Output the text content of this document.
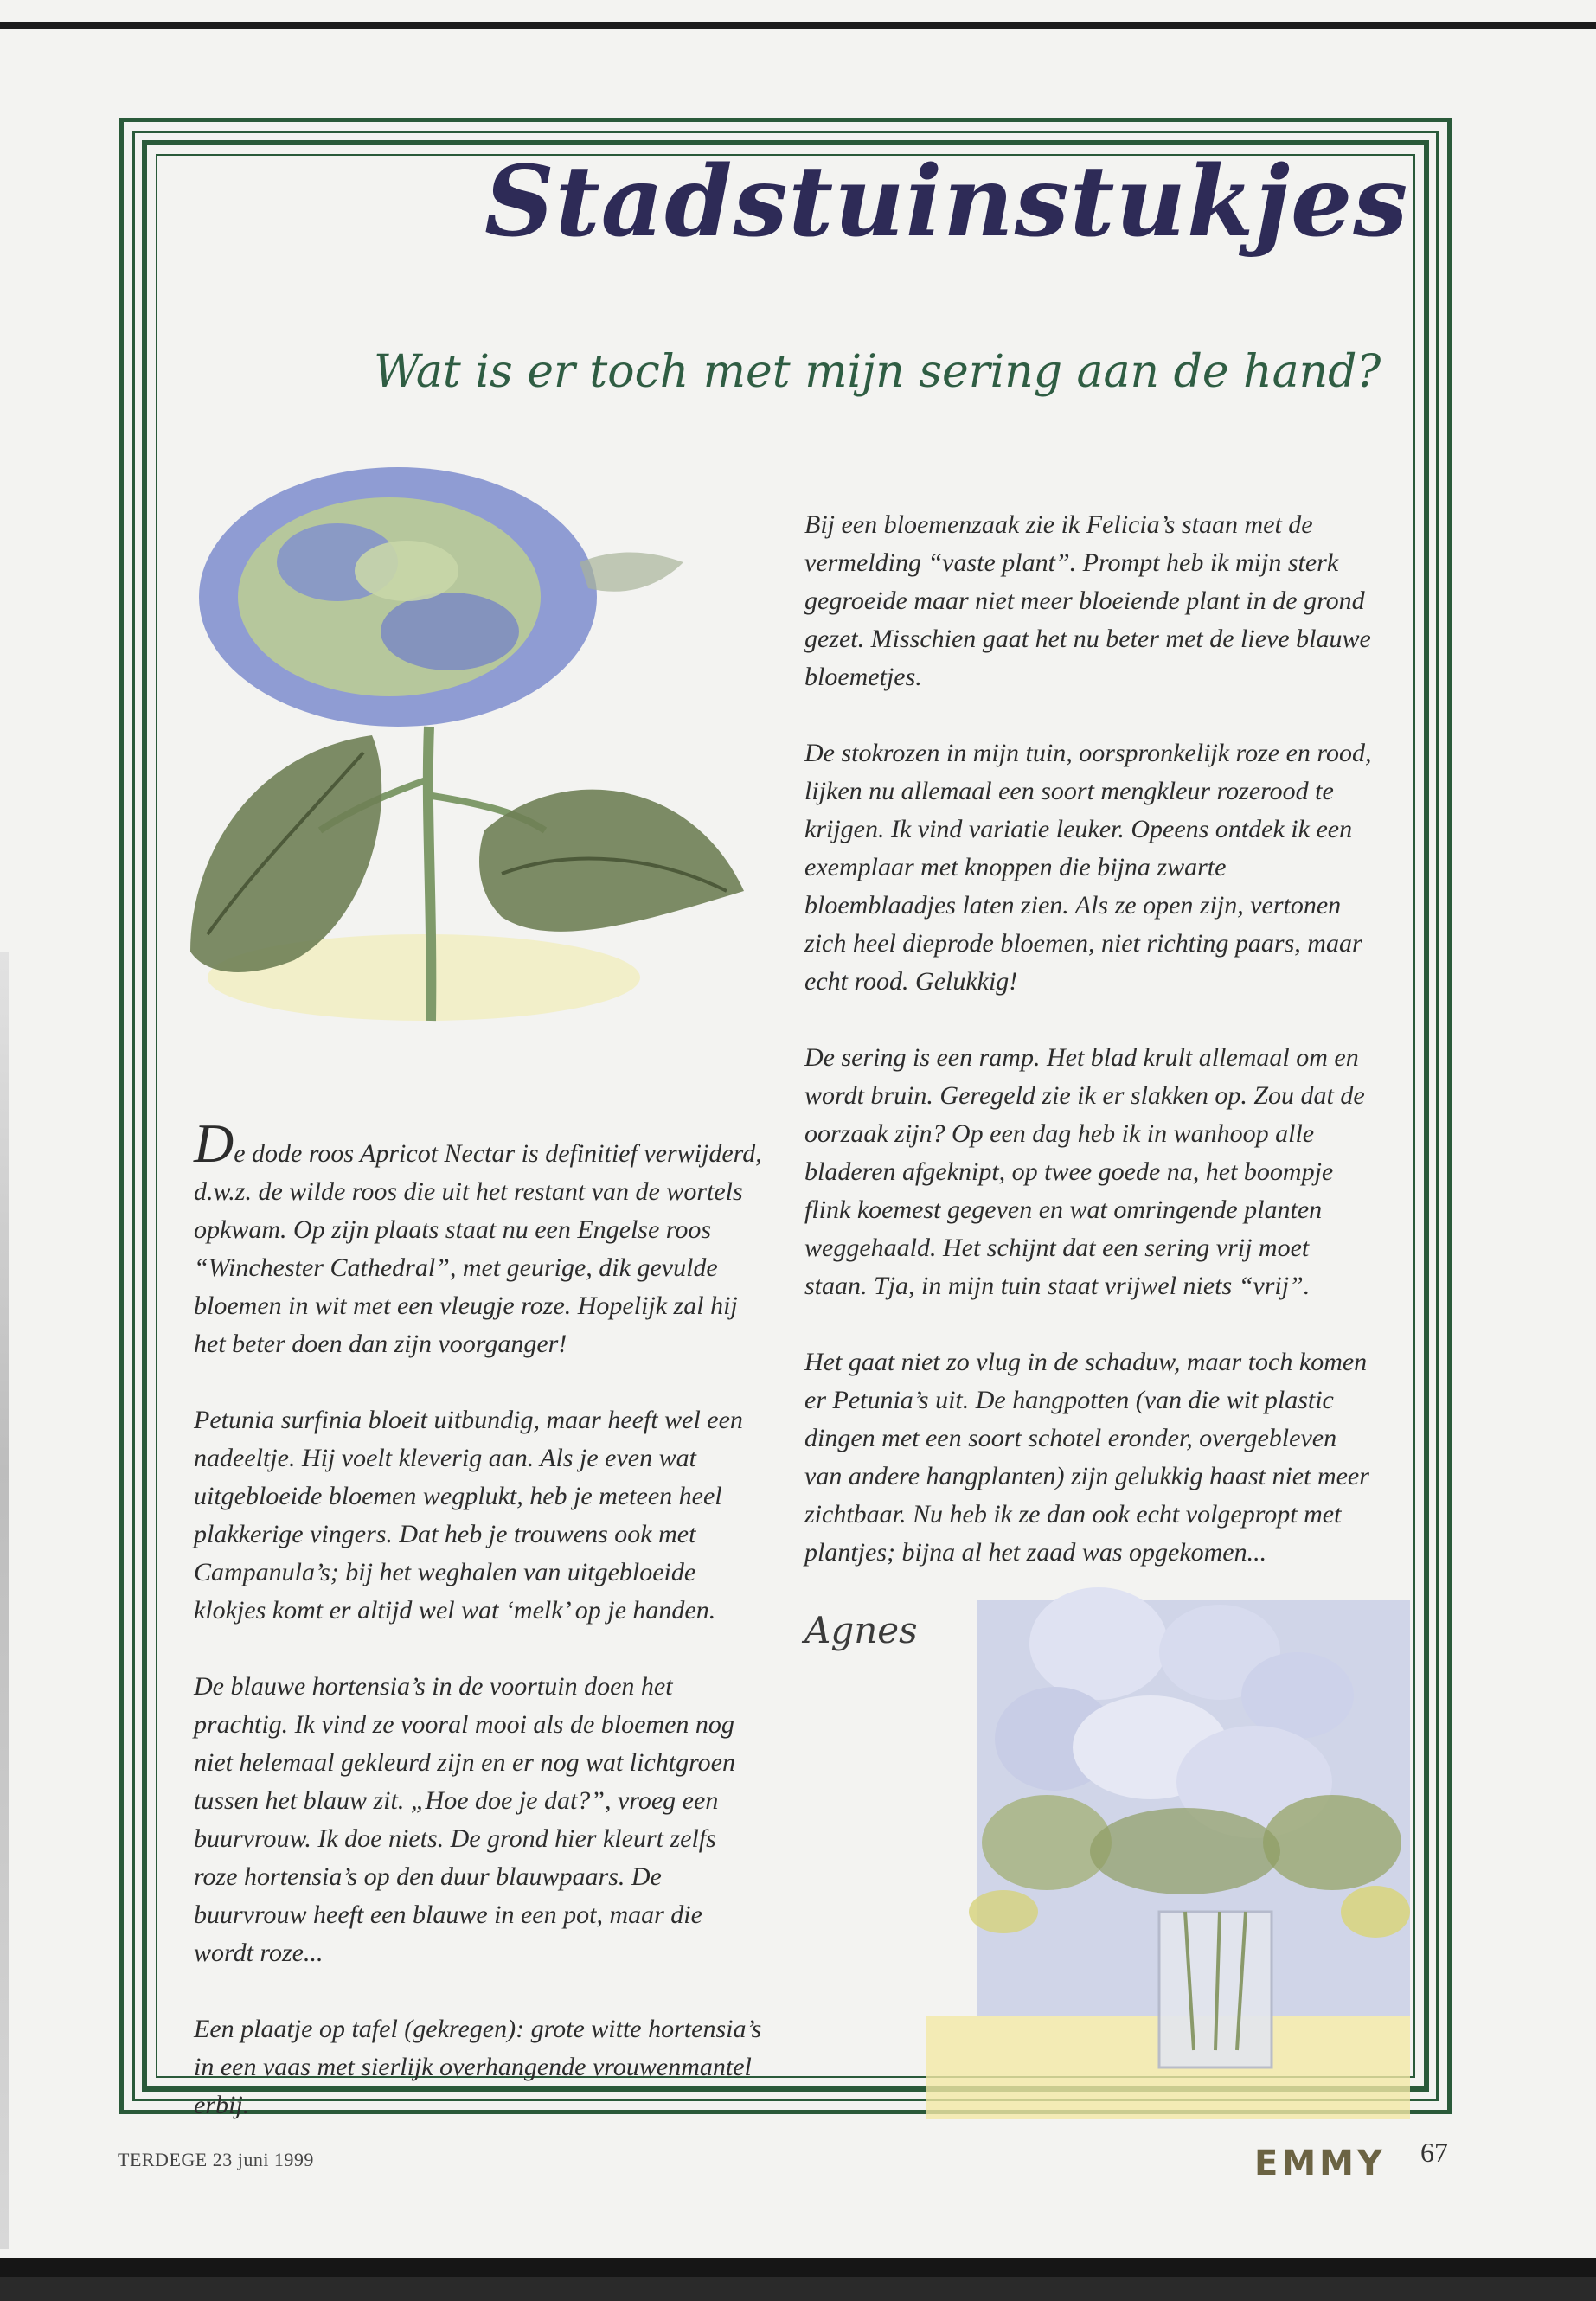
Stadstuinstukjes
Wat is er toch met mijn sering aan de hand?

De dode roos Apricot Nectar is definitief verwijderd, d.w.z. de wilde roos die uit het restant van de wortels opkwam. Op zijn plaats staat nu een Engelse roos “Winchester Cathedral”, met geurige, dik gevulde bloemen in wit met een vleugje roze. Hopelijk zal hij het beter doen dan zijn voorganger!

Petunia surfinia bloeit uitbundig, maar heeft wel een nadeeltje. Hij voelt kleverig aan. Als je even wat uitgebloeide bloemen wegplukt, heb je meteen heel plakkerige vingers. Dat heb je trouwens ook met Campanula’s; bij het weghalen van uitgebloeide klokjes komt er altijd wel wat ‘melk’ op je handen.

De blauwe hortensia’s in de voortuin doen het prachtig. Ik vind ze vooral mooi als de bloemen nog niet helemaal gekleurd zijn en er nog wat lichtgroen tussen het blauw zit. „Hoe doe je dat?”, vroeg een buurvrouw. Ik doe niets. De grond hier kleurt zelfs roze hortensia’s op den duur blauwpaars. De buurvrouw heeft een blauwe in een pot, maar die wordt roze...

Een plaatje op tafel (gekregen): grote witte hortensia’s in een vaas met sierlijk overhangende vrouwenmantel erbij.

Bij een bloemenzaak zie ik Felicia’s staan met de vermelding “vaste plant”. Prompt heb ik mijn sterk gegroeide maar niet meer bloeiende plant in de grond gezet. Misschien gaat het nu beter met de lieve blauwe bloemetjes.

De stokrozen in mijn tuin, oorspronkelijk roze en rood, lijken nu allemaal een soort mengkleur rozerood te krijgen. Ik vind variatie leuker. Opeens ontdek ik een exemplaar met knoppen die bijna zwarte bloemblaadjes laten zien. Als ze open zijn, vertonen zich heel dieprode bloemen, niet richting paars, maar echt rood. Gelukkig!

De sering is een ramp. Het blad krult allemaal om en wordt bruin. Geregeld zie ik er slakken op. Zou dat de oorzaak zijn? Op een dag heb ik in wanhoop alle bladeren afgeknipt, op twee goede na, het boompje flink koemest gegeven en wat omringende planten weggehaald. Het schijnt dat een sering vrij moet staan. Tja, in mijn tuin staat vrijwel niets “vrij”.

Het gaat niet zo vlug in de schaduw, maar toch komen er Petunia’s uit. De hangpotten (van die wit plastic dingen met een soort schotel eronder, overgebleven van andere hangplanten) zijn gelukkig haast niet meer zichtbaar. Nu heb ik ze dan ook echt volgepropt met plantjes; bijna al het zaad was opgekomen...

Agnes
TERDEGE 23 juni 1999	EMMY 67
